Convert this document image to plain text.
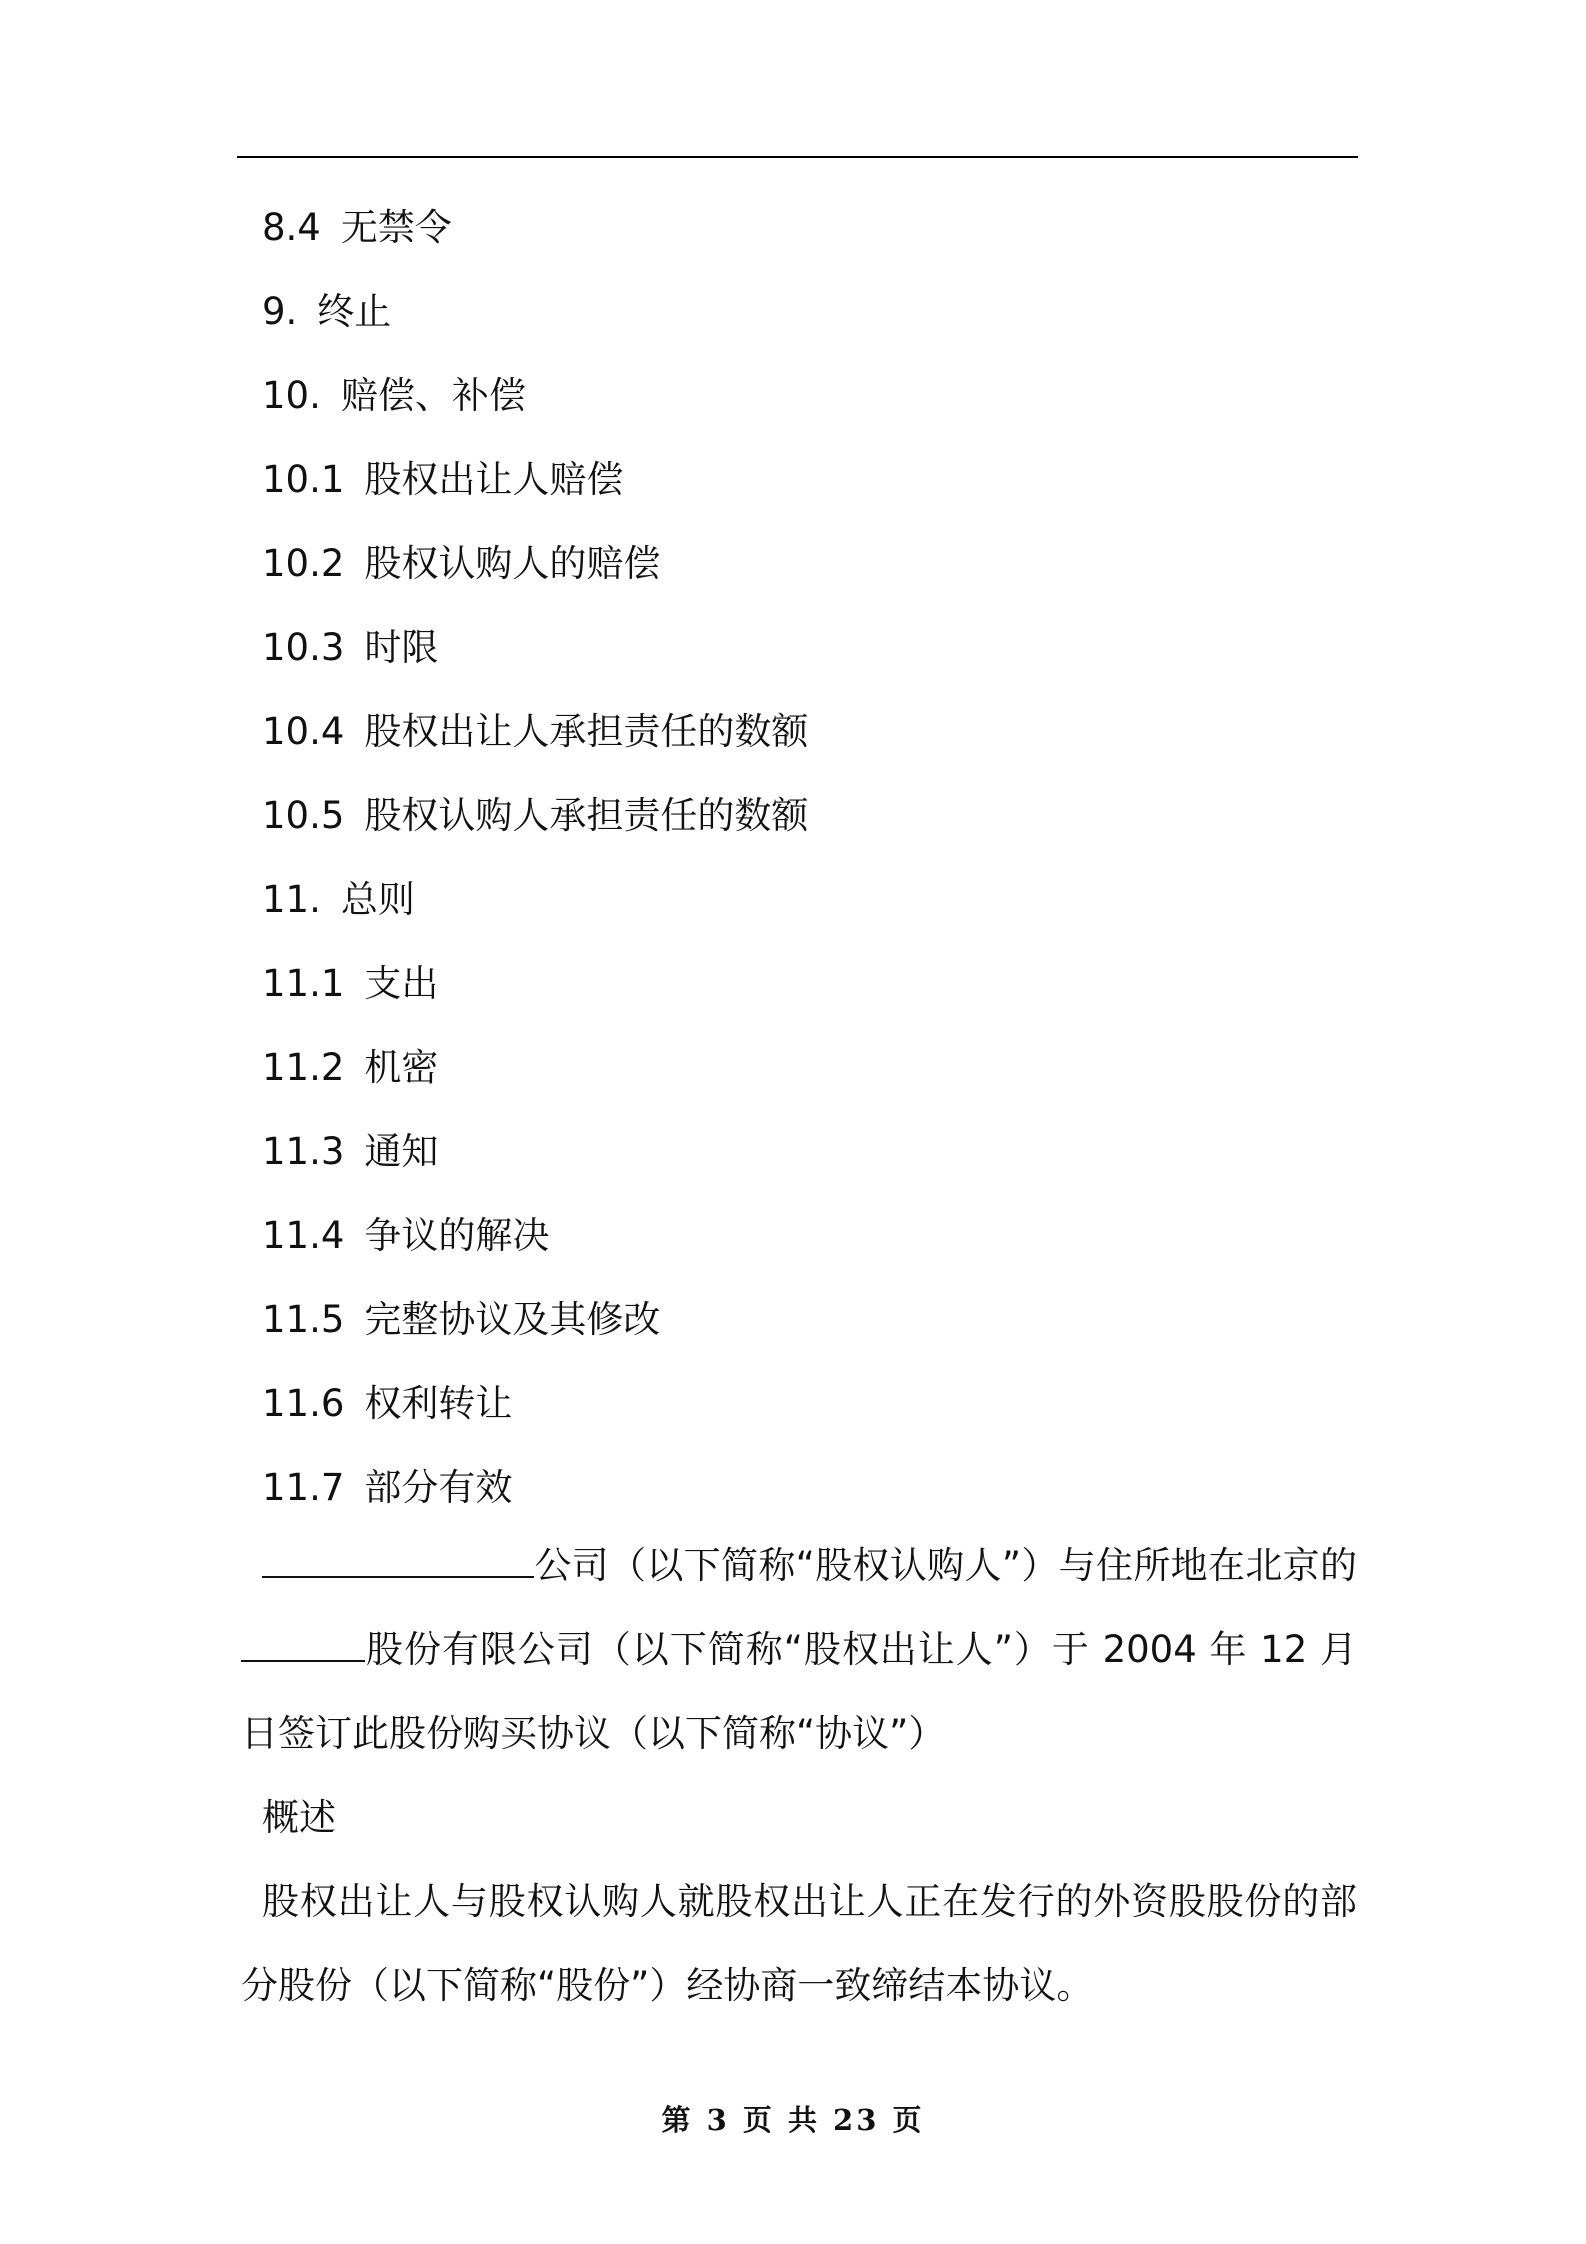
8.4 无禁令
9. 终止
10. 赔偿、补偿
10.1 股权出让人赔偿
10.2 股权认购人的赔偿
10.3 时限
10.4 股权出让人承担责任的数额
10.5 股权认购人承担责任的数额
11. 总则
11.1 支出
11.2 机密
11.3 通知
11.4 争议的解决
11.5 完整协议及其修改
11.6 权利转让
11.7 部分有效

公司（以下简称“股权认购人”）与住所地在北京的股份有限公司（以下简称“股权出让人”）于 2004 年 12 月 日签订此股份购买协议（以下简称“协议”）

概述

股权出让人与股权认购人就股权出让人正在发行的外资股股份的部分股份（以下简称“股份”）经协商一致缔结本协议。

第 3 页 共 23 页
